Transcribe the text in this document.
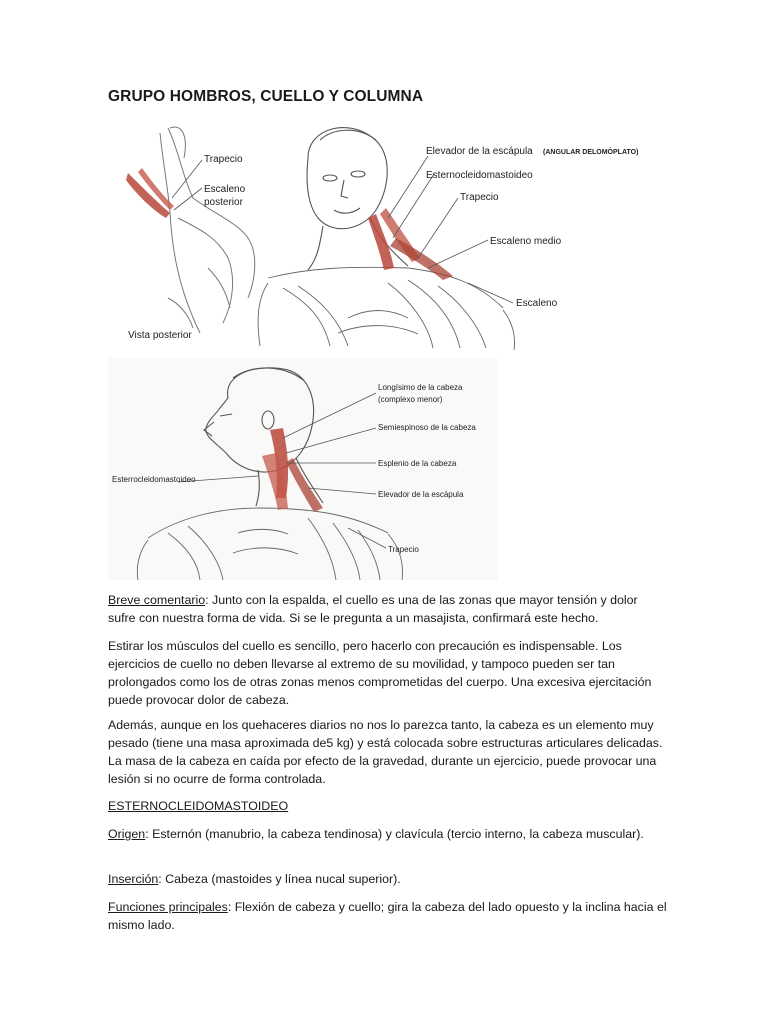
GRUPO HOMBROS, CUELLO Y COLUMNA
Trapecio
Escaleno
posterior
Vista posterior
Elevador de la escápula (ANGULAR DELOMÓPLATO)
Esternocleidomastoideo
Trapecio
Escaleno medio
Escaleno
Longísimo de la cabeza
(complexo menor)
Semiespinoso de la cabeza
Esplenio de la cabeza
Elevador de la escápula
Trapecio
Esterrocleidomastoideo

Breve comentario: Junto con la espalda, el cuello es una de las zonas que mayor tensión y dolor sufre con nuestra forma de vida. Si se le pregunta a un masajista, confirmará este hecho.

Estirar los músculos del cuello es sencillo, pero hacerlo con precaución es indispensable. Los ejercicios de cuello no deben llevarse al extremo de su movilidad, y tampoco pueden ser tan prolongados como los de otras zonas menos comprometidas del cuerpo. Una excesiva ejercitación puede provocar dolor de cabeza.

Además, aunque en los quehaceres diarios no nos lo parezca tanto, la cabeza es un elemento muy pesado (tiene una masa aproximada de5 kg) y está colocada sobre estructuras articulares delicadas. La masa de la cabeza en caída por efecto de la gravedad, durante un ejercicio, puede provocar una lesión si no ocurre de forma controlada.

ESTERNOCLEIDOMASTOIDEO

Origen: Esternón (manubrio, la cabeza tendinosa) y clavícula (tercio interno, la cabeza muscular).

Inserción: Cabeza (mastoides y línea nucal superior).

Funciones principales: Flexión de cabeza y cuello; gira la cabeza del lado opuesto y la inclina hacia el mismo lado.
